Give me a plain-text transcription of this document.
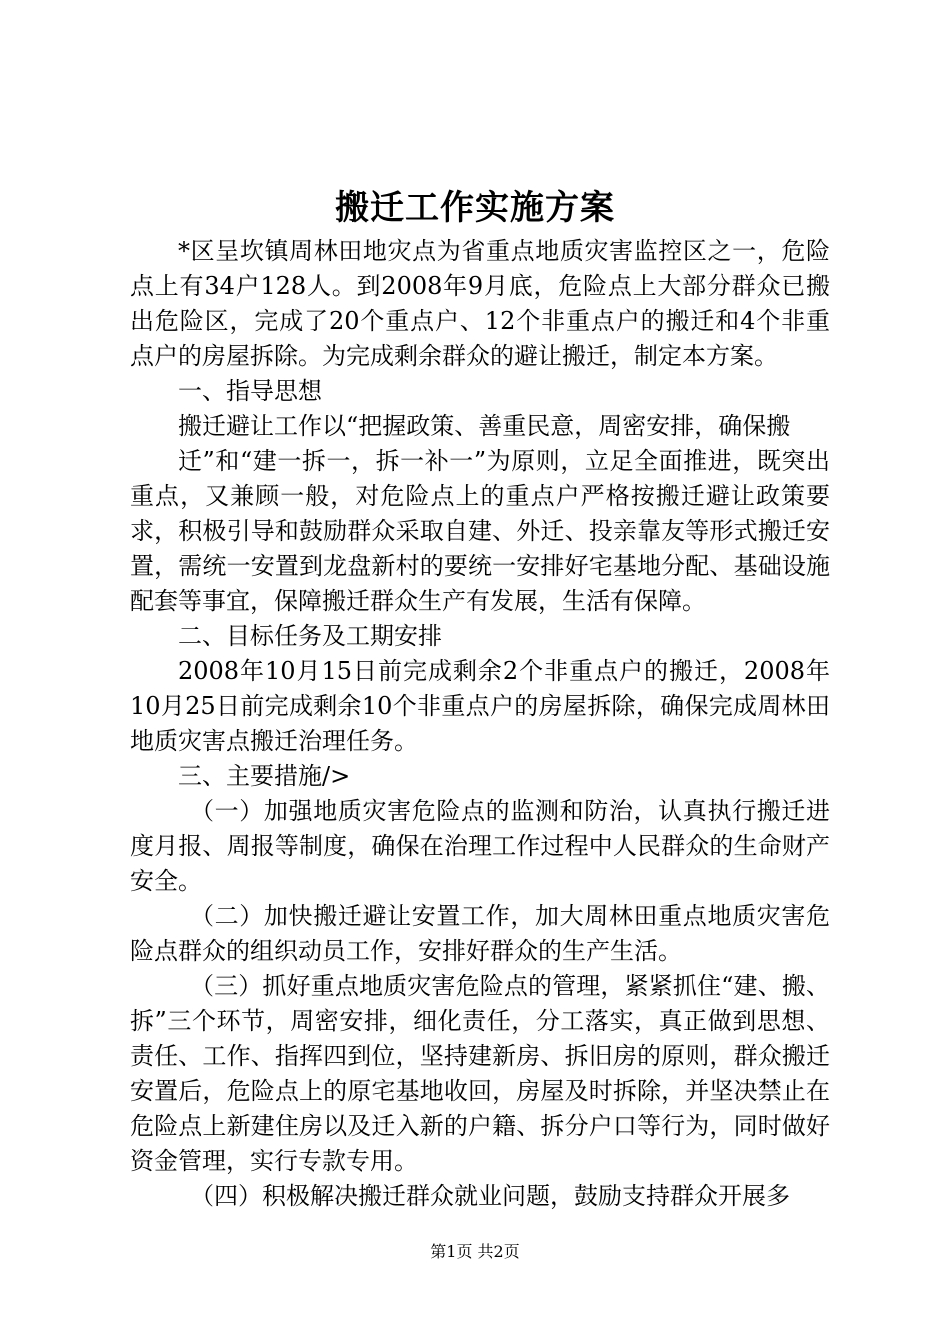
搬迁工作实施方案

*区呈坎镇周林田地灾点为省重点地质灾害监控区之一，危险点上有34户128人。到2008年9月底，危险点上大部分群众已搬出危险区，完成了20个重点户、12个非重点户的搬迁和4个非重点户的房屋拆除。为完成剩余群众的避让搬迁，制定本方案。

一、指导思想

搬迁避让工作以“把握政策、善重民意，周密安排，确保搬

迁”和“建一拆一，拆一补一”为原则，立足全面推进，既突出重点，又兼顾一般，对危险点上的重点户严格按搬迁避让政策要求，积极引导和鼓励群众采取自建、外迁、投亲靠友等形式搬迁安置，需统一安置到龙盘新村的要统一安排好宅基地分配、基础设施配套等事宜，保障搬迁群众生产有发展，生活有保障。

二、目标任务及工期安排

2008年10月15日前完成剩余2个非重点户的搬迁，2008年10月25日前完成剩余10个非重点户的房屋拆除，确保完成周林田地质灾害点搬迁治理任务。

三、主要措施/>

（一）加强地质灾害危险点的监测和防治，认真执行搬迁进度月报、周报等制度，确保在治理工作过程中人民群众的生命财产安全。

（二）加快搬迁避让安置工作，加大周林田重点地质灾害危险点群众的组织动员工作，安排好群众的生产生活。

（三）抓好重点地质灾害危险点的管理，紧紧抓住“建、搬、拆”三个环节，周密安排，细化责任，分工落实，真正做到思想、责任、工作、指挥四到位，坚持建新房、拆旧房的原则，群众搬迁安置后，危险点上的原宅基地收回，房屋及时拆除，并坚决禁止在危险点上新建住房以及迁入新的户籍、拆分户口等行为，同时做好资金管理，实行专款专用。

（四）积极解决搬迁群众就业问题，鼓励支持群众开展多

第1页 共2页
